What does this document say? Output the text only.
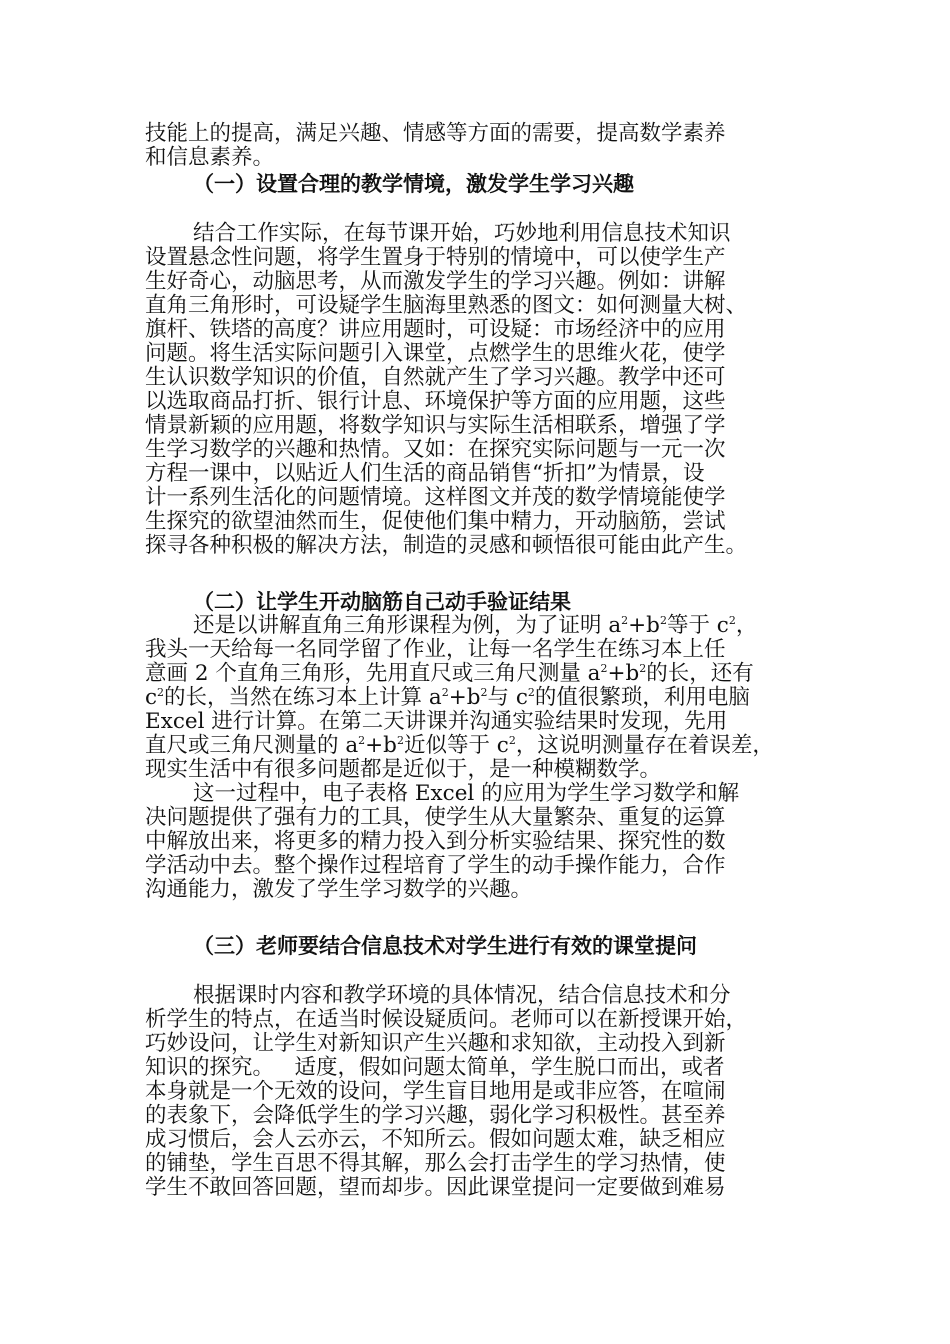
技能上的提高，满足兴趣、情感等方面的需要，提高数学素养
和信息素养。
（一）设置合理的教学情境，激发学生学习兴趣
结合工作实际，在每节课开始，巧妙地利用信息技术知识
设置悬念性问题，将学生置身于特别的情境中，可以使学生产
生好奇心，动脑思考，从而激发学生的学习兴趣。例如：讲解
直角三角形时，可设疑学生脑海里熟悉的图文：如何测量大树、
旗杆、铁塔的高度？讲应用题时，可设疑：市场经济中的应用
问题。将生活实际问题引入课堂，点燃学生的思维火花，使学
生认识数学知识的价值，自然就产生了学习兴趣。教学中还可
以选取商品打折、银行计息、环境保护等方面的应用题，这些
情景新颖的应用题，将数学知识与实际生活相联系，增强了学
生学习数学的兴趣和热情。又如：在探究实际问题与一元一次
方程一课中，以贴近人们生活的商品销售“折扣”为情景，设
计一系列生活化的问题情境。这样图文并茂的数学情境能使学
生探究的欲望油然而生，促使他们集中精力，开动脑筋，尝试
探寻各种积极的解决方法，制造的灵感和顿悟很可能由此产生。
（二）让学生开动脑筋自己动手验证结果
还是以讲解直角三角形课程为例，为了证明 $a^2+b^2$等于 $c^2$，
我头一天给每一名同学留了作业，让每一名学生在练习本上任
意画 2 个直角三角形，先用直尺或三角尺测量 $a^2+b^2$的长，还有
$c^2$的长，当然在练习本上计算 $a^2+b^2$与 $c^2$的值很繁琐，利用电脑
Excel 进行计算。在第二天讲课并沟通实验结果时发现，先用
直尺或三角尺测量的 $a^2+b^2$近似等于 $c^2$，这说明测量存在着误差，
现实生活中有很多问题都是近似于，是一种模糊数学。
这一过程中，电子表格 Excel 的应用为学生学习数学和解
决问题提供了强有力的工具，使学生从大量繁杂、重复的运算
中解放出来，将更多的精力投入到分析实验结果、探究性的数
学活动中去。整个操作过程培育了学生的动手操作能力，合作
沟通能力，激发了学生学习数学的兴趣。
（三）老师要结合信息技术对学生进行有效的课堂提问
根据课时内容和教学环境的具体情况，结合信息技术和分
析学生的特点，在适当时候设疑质问。老师可以在新授课开始，
巧妙设问，让学生对新知识产生兴趣和求知欲，主动投入到新
知识的探究。   适度，假如问题太简单，学生脱口而出，或者
本身就是一个无效的设问，学生盲目地用是或非应答，在喧闹
的表象下，会降低学生的学习兴趣，弱化学习积极性。甚至养
成习惯后，会人云亦云，不知所云。假如问题太难，缺乏相应
的铺垫，学生百思不得其解，那么会打击学生的学习热情，使
学生不敢回答回题，望而却步。因此课堂提问一定要做到难易
